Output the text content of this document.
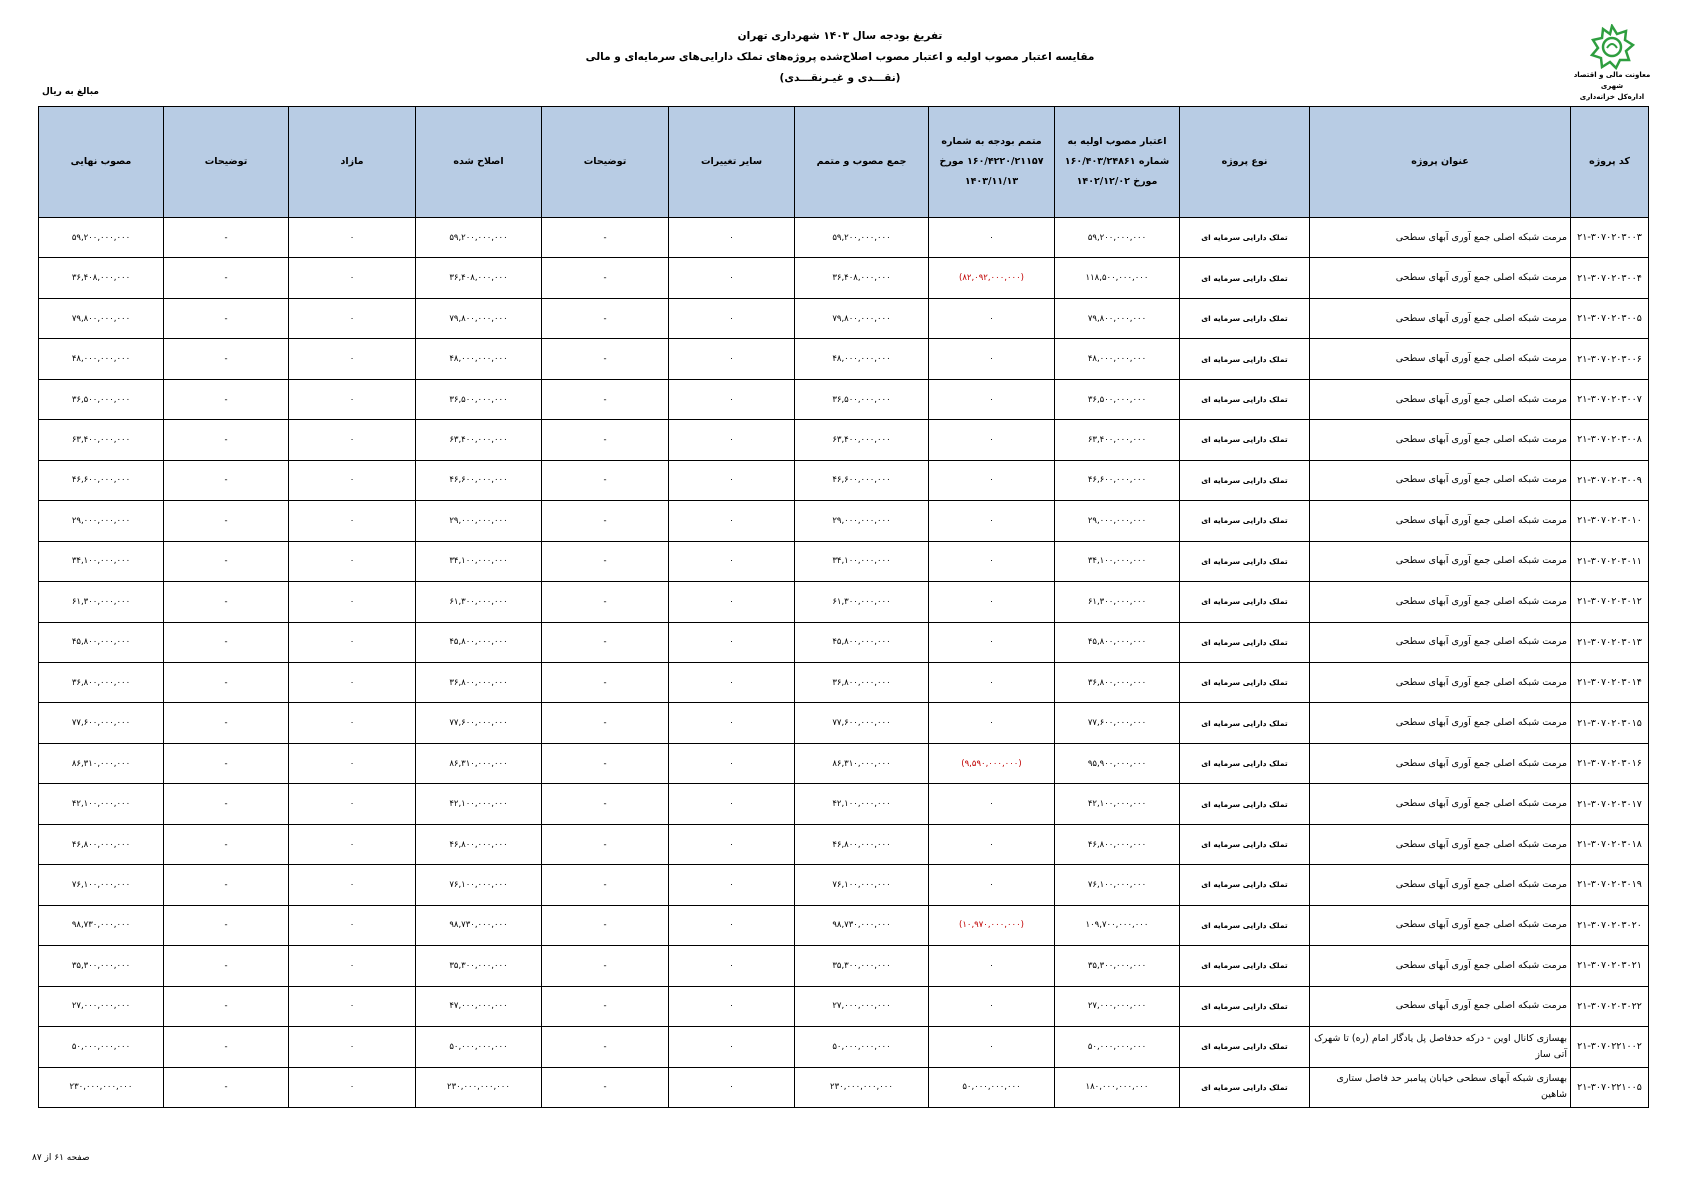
تفریغ بودجه سال ۱۴۰۳ شهرداری تهران
مقایسه اعتبار مصوب اولیه و اعتبار مصوب اصلاح‌شده پروژه‌های تملک دارایی‌های سرمایه‌ای و مالی
(نقـــدی و غیـرنقـــدی)	معاونت مالی و اقتصاد شهری
اداره‌کل خزانه‌داری
مبالغ به ریال
کد پروژه	عنوان پروژه	نوع پروژه	اعتبار مصوب اولیه به شماره ۱۶۰/۴۰۳/۲۴۸۶۱ مورخ ۱۴۰۲/۱۲/۰۲	متمم بودجه به شماره ۱۶۰/۴۲۲۰/۲۱۱۵۷ مورخ ۱۴۰۳/۱۱/۱۳	جمع مصوب و متمم	سایر تغییرات	توضیحات	اصلاح شده	مازاد	توضیحات	مصوب نهایی
۲۱-۳۰۷۰۲۰۳۰۰۳	مرمت شبکه اصلی جمع آوری آبهای سطحی	تملک دارایی سرمایه ای	۵۹,۲۰۰,۰۰۰,۰۰۰	۰	۵۹,۲۰۰,۰۰۰,۰۰۰	۰	-	۵۹,۲۰۰,۰۰۰,۰۰۰	۰	-	۵۹,۲۰۰,۰۰۰,۰۰۰
۲۱-۳۰۷۰۲۰۳۰۰۴	مرمت شبکه اصلی جمع آوری آبهای سطحی	تملک دارایی سرمایه ای	۱۱۸,۵۰۰,۰۰۰,۰۰۰	(۸۲,۰۹۲,۰۰۰,۰۰۰)	۳۶,۴۰۸,۰۰۰,۰۰۰	۰	-	۳۶,۴۰۸,۰۰۰,۰۰۰	۰	-	۳۶,۴۰۸,۰۰۰,۰۰۰
۲۱-۳۰۷۰۲۰۳۰۰۵	مرمت شبکه اصلی جمع آوری آبهای سطحی	تملک دارایی سرمایه ای	۷۹,۸۰۰,۰۰۰,۰۰۰	۰	۷۹,۸۰۰,۰۰۰,۰۰۰	۰	-	۷۹,۸۰۰,۰۰۰,۰۰۰	۰	-	۷۹,۸۰۰,۰۰۰,۰۰۰
۲۱-۳۰۷۰۲۰۳۰۰۶	مرمت شبکه اصلی جمع آوری آبهای سطحی	تملک دارایی سرمایه ای	۴۸,۰۰۰,۰۰۰,۰۰۰	۰	۴۸,۰۰۰,۰۰۰,۰۰۰	۰	-	۴۸,۰۰۰,۰۰۰,۰۰۰	۰	-	۴۸,۰۰۰,۰۰۰,۰۰۰
۲۱-۳۰۷۰۲۰۳۰۰۷	مرمت شبکه اصلی جمع آوری آبهای سطحی	تملک دارایی سرمایه ای	۳۶,۵۰۰,۰۰۰,۰۰۰	۰	۳۶,۵۰۰,۰۰۰,۰۰۰	۰	-	۳۶,۵۰۰,۰۰۰,۰۰۰	۰	-	۳۶,۵۰۰,۰۰۰,۰۰۰
۲۱-۳۰۷۰۲۰۳۰۰۸	مرمت شبکه اصلی جمع آوری آبهای سطحی	تملک دارایی سرمایه ای	۶۳,۴۰۰,۰۰۰,۰۰۰	۰	۶۳,۴۰۰,۰۰۰,۰۰۰	۰	-	۶۳,۴۰۰,۰۰۰,۰۰۰	۰	-	۶۳,۴۰۰,۰۰۰,۰۰۰
۲۱-۳۰۷۰۲۰۳۰۰۹	مرمت شبکه اصلی جمع آوری آبهای سطحی	تملک دارایی سرمایه ای	۴۶,۶۰۰,۰۰۰,۰۰۰	۰	۴۶,۶۰۰,۰۰۰,۰۰۰	۰	-	۴۶,۶۰۰,۰۰۰,۰۰۰	۰	-	۴۶,۶۰۰,۰۰۰,۰۰۰
۲۱-۳۰۷۰۲۰۳۰۱۰	مرمت شبکه اصلی جمع آوری آبهای سطحی	تملک دارایی سرمایه ای	۲۹,۰۰۰,۰۰۰,۰۰۰	۰	۲۹,۰۰۰,۰۰۰,۰۰۰	۰	-	۲۹,۰۰۰,۰۰۰,۰۰۰	۰	-	۲۹,۰۰۰,۰۰۰,۰۰۰
۲۱-۳۰۷۰۲۰۳۰۱۱	مرمت شبکه اصلی جمع آوری آبهای سطحی	تملک دارایی سرمایه ای	۳۴,۱۰۰,۰۰۰,۰۰۰	۰	۳۴,۱۰۰,۰۰۰,۰۰۰	۰	-	۳۴,۱۰۰,۰۰۰,۰۰۰	۰	-	۳۴,۱۰۰,۰۰۰,۰۰۰
۲۱-۳۰۷۰۲۰۳۰۱۲	مرمت شبکه اصلی جمع آوری آبهای سطحی	تملک دارایی سرمایه ای	۶۱,۳۰۰,۰۰۰,۰۰۰	۰	۶۱,۳۰۰,۰۰۰,۰۰۰	۰	-	۶۱,۳۰۰,۰۰۰,۰۰۰	۰	-	۶۱,۳۰۰,۰۰۰,۰۰۰
۲۱-۳۰۷۰۲۰۳۰۱۳	مرمت شبکه اصلی جمع آوری آبهای سطحی	تملک دارایی سرمایه ای	۴۵,۸۰۰,۰۰۰,۰۰۰	۰	۴۵,۸۰۰,۰۰۰,۰۰۰	۰	-	۴۵,۸۰۰,۰۰۰,۰۰۰	۰	-	۴۵,۸۰۰,۰۰۰,۰۰۰
۲۱-۳۰۷۰۲۰۳۰۱۴	مرمت شبکه اصلی جمع آوری آبهای سطحی	تملک دارایی سرمایه ای	۳۶,۸۰۰,۰۰۰,۰۰۰	۰	۳۶,۸۰۰,۰۰۰,۰۰۰	۰	-	۳۶,۸۰۰,۰۰۰,۰۰۰	۰	-	۳۶,۸۰۰,۰۰۰,۰۰۰
۲۱-۳۰۷۰۲۰۳۰۱۵	مرمت شبکه اصلی جمع آوری آبهای سطحی	تملک دارایی سرمایه ای	۷۷,۶۰۰,۰۰۰,۰۰۰	۰	۷۷,۶۰۰,۰۰۰,۰۰۰	۰	-	۷۷,۶۰۰,۰۰۰,۰۰۰	۰	-	۷۷,۶۰۰,۰۰۰,۰۰۰
۲۱-۳۰۷۰۲۰۳۰۱۶	مرمت شبکه اصلی جمع آوری آبهای سطحی	تملک دارایی سرمایه ای	۹۵,۹۰۰,۰۰۰,۰۰۰	(۹,۵۹۰,۰۰۰,۰۰۰)	۸۶,۳۱۰,۰۰۰,۰۰۰	۰	-	۸۶,۳۱۰,۰۰۰,۰۰۰	۰	-	۸۶,۳۱۰,۰۰۰,۰۰۰
۲۱-۳۰۷۰۲۰۳۰۱۷	مرمت شبکه اصلی جمع آوری آبهای سطحی	تملک دارایی سرمایه ای	۴۲,۱۰۰,۰۰۰,۰۰۰	۰	۴۲,۱۰۰,۰۰۰,۰۰۰	۰	-	۴۲,۱۰۰,۰۰۰,۰۰۰	۰	-	۴۲,۱۰۰,۰۰۰,۰۰۰
۲۱-۳۰۷۰۲۰۳۰۱۸	مرمت شبکه اصلی جمع آوری آبهای سطحی	تملک دارایی سرمایه ای	۴۶,۸۰۰,۰۰۰,۰۰۰	۰	۴۶,۸۰۰,۰۰۰,۰۰۰	۰	-	۴۶,۸۰۰,۰۰۰,۰۰۰	۰	-	۴۶,۸۰۰,۰۰۰,۰۰۰
۲۱-۳۰۷۰۲۰۳۰۱۹	مرمت شبکه اصلی جمع آوری آبهای سطحی	تملک دارایی سرمایه ای	۷۶,۱۰۰,۰۰۰,۰۰۰	۰	۷۶,۱۰۰,۰۰۰,۰۰۰	۰	-	۷۶,۱۰۰,۰۰۰,۰۰۰	۰	-	۷۶,۱۰۰,۰۰۰,۰۰۰
۲۱-۳۰۷۰۲۰۳۰۲۰	مرمت شبکه اصلی جمع آوری آبهای سطحی	تملک دارایی سرمایه ای	۱۰۹,۷۰۰,۰۰۰,۰۰۰	(۱۰,۹۷۰,۰۰۰,۰۰۰)	۹۸,۷۳۰,۰۰۰,۰۰۰	۰	-	۹۸,۷۳۰,۰۰۰,۰۰۰	۰	-	۹۸,۷۳۰,۰۰۰,۰۰۰
۲۱-۳۰۷۰۲۰۳۰۲۱	مرمت شبکه اصلی جمع آوری آبهای سطحی	تملک دارایی سرمایه ای	۳۵,۳۰۰,۰۰۰,۰۰۰	۰	۳۵,۳۰۰,۰۰۰,۰۰۰	۰	-	۳۵,۳۰۰,۰۰۰,۰۰۰	۰	-	۳۵,۳۰۰,۰۰۰,۰۰۰
۲۱-۳۰۷۰۲۰۳۰۲۲	مرمت شبکه اصلی جمع آوری آبهای سطحی	تملک دارایی سرمایه ای	۲۷,۰۰۰,۰۰۰,۰۰۰	۰	۲۷,۰۰۰,۰۰۰,۰۰۰	۰	-	۴۷,۰۰۰,۰۰۰,۰۰۰	۰	-	۲۷,۰۰۰,۰۰۰,۰۰۰
۲۱-۳۰۷۰۲۲۱۰۰۲	بهسازی کانال اوین - درکه حدفاصل پل یادگار امام (ره) تا شهرک آتی ساز	تملک دارایی سرمایه ای	۵۰,۰۰۰,۰۰۰,۰۰۰	۰	۵۰,۰۰۰,۰۰۰,۰۰۰	۰	-	۵۰,۰۰۰,۰۰۰,۰۰۰	۰	-	۵۰,۰۰۰,۰۰۰,۰۰۰
۲۱-۳۰۷۰۲۲۱۰۰۵	بهسازی شبکه آبهای سطحی خیابان پیامبر حد فاصل ستاری شاهین	تملک دارایی سرمایه ای	۱۸۰,۰۰۰,۰۰۰,۰۰۰	۵۰,۰۰۰,۰۰۰,۰۰۰	۲۳۰,۰۰۰,۰۰۰,۰۰۰	۰	-	۲۳۰,۰۰۰,۰۰۰,۰۰۰	۰	-	۲۳۰,۰۰۰,۰۰۰,۰۰۰
صفحه ۶۱ از ۸۷
